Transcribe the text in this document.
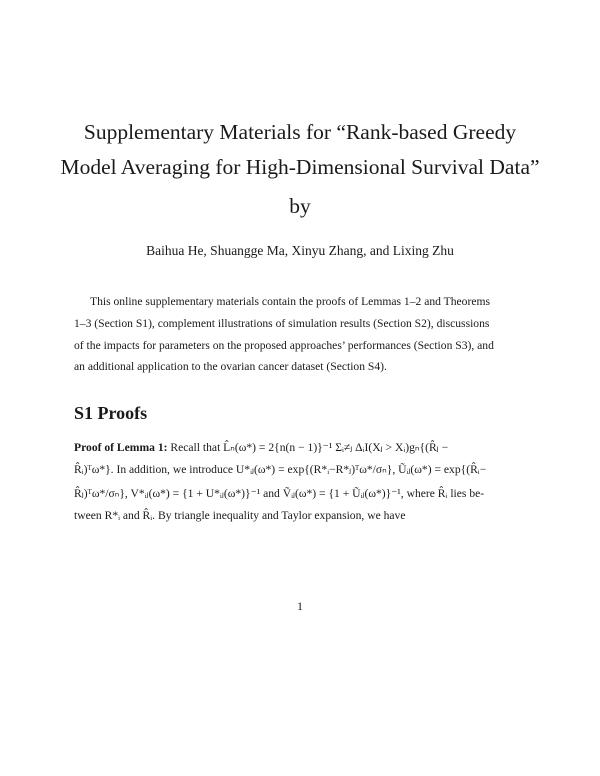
Supplementary Materials for “Rank-based Greedy
Model Averaging for High-Dimensional Survival Data”
by
Baihua He, Shuangge Ma, Xinyu Zhang, and Lixing Zhu
This online supplementary materials contain the proofs of Lemmas 1–2 and Theorems
1–3 (Section S1), complement illustrations of simulation results (Section S2), discussions
of the impacts for parameters on the proposed approaches’ performances (Section S3), and
an additional application to the ovarian cancer dataset (Section S4).
S1 Proofs
Proof of Lemma 1: Recall that L̂ₙ(ω*) = 2{n(n − 1)}⁻¹ Σᵢ≠ⱼ ΔᵢI(Xⱼ > Xᵢ)gₙ{(R̂ⱼ −
R̂ᵢ)ᵀω*}. In addition, we introduce U*ᵢⱼ(ω*) = exp{(R*ᵢ−R*ⱼ)ᵀω*/σₙ}, Ũᵢⱼ(ω*) = exp{(R̂ᵢ−
R̂ⱼ)ᵀω*/σₙ}, V*ᵢⱼ(ω*) = {1 + U*ᵢⱼ(ω*)}⁻¹ and Ṽᵢⱼ(ω*) = {1 + Ũᵢⱼ(ω*)}⁻¹, where R̂ᵢ lies be-
tween R*ᵢ and R̂ᵢ. By triangle inequality and Taylor expansion, we have
1
